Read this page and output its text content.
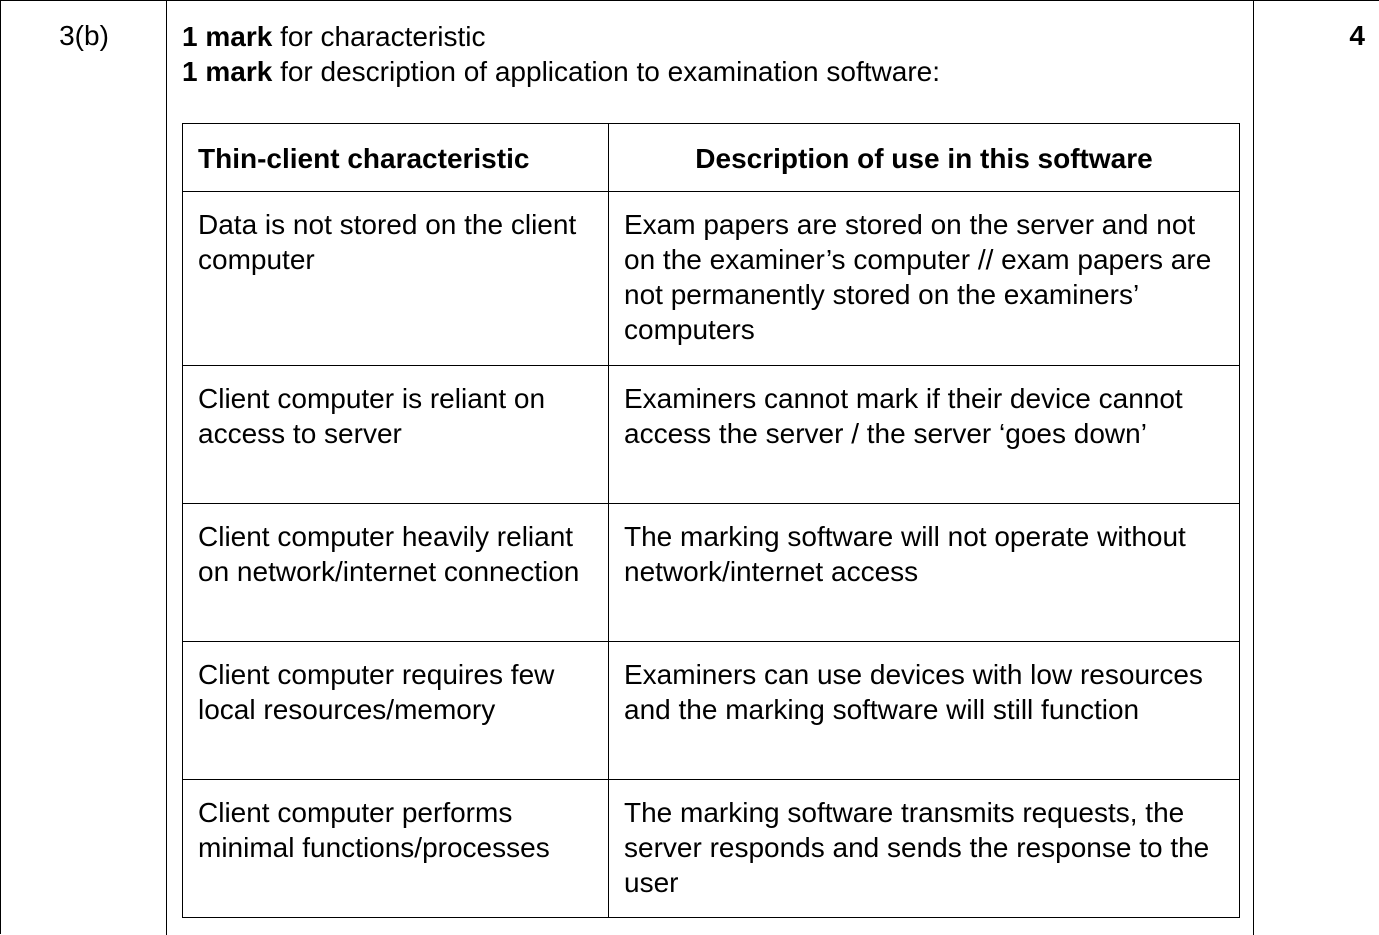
3(b)	1 mark for characteristic
1 mark for description of application to examination software:
Thin-client characteristic	Description of use in this software
Data is not stored on the client computer	Exam papers are stored on the server and not on the examiner’s computer // exam papers are not permanently stored on the examiners’ computers
Client computer is reliant on access to server	Examiners cannot mark if their device cannot access the server / the server ‘goes down’
Client computer heavily reliant on network/internet connection	The marking software will not operate without network/internet access
Client computer requires few local resources/memory	Examiners can use devices with low resources and the marking software will still function
Client computer performs minimal functions/processes	The marking software transmits requests, the server responds and sends the response to the user
4
